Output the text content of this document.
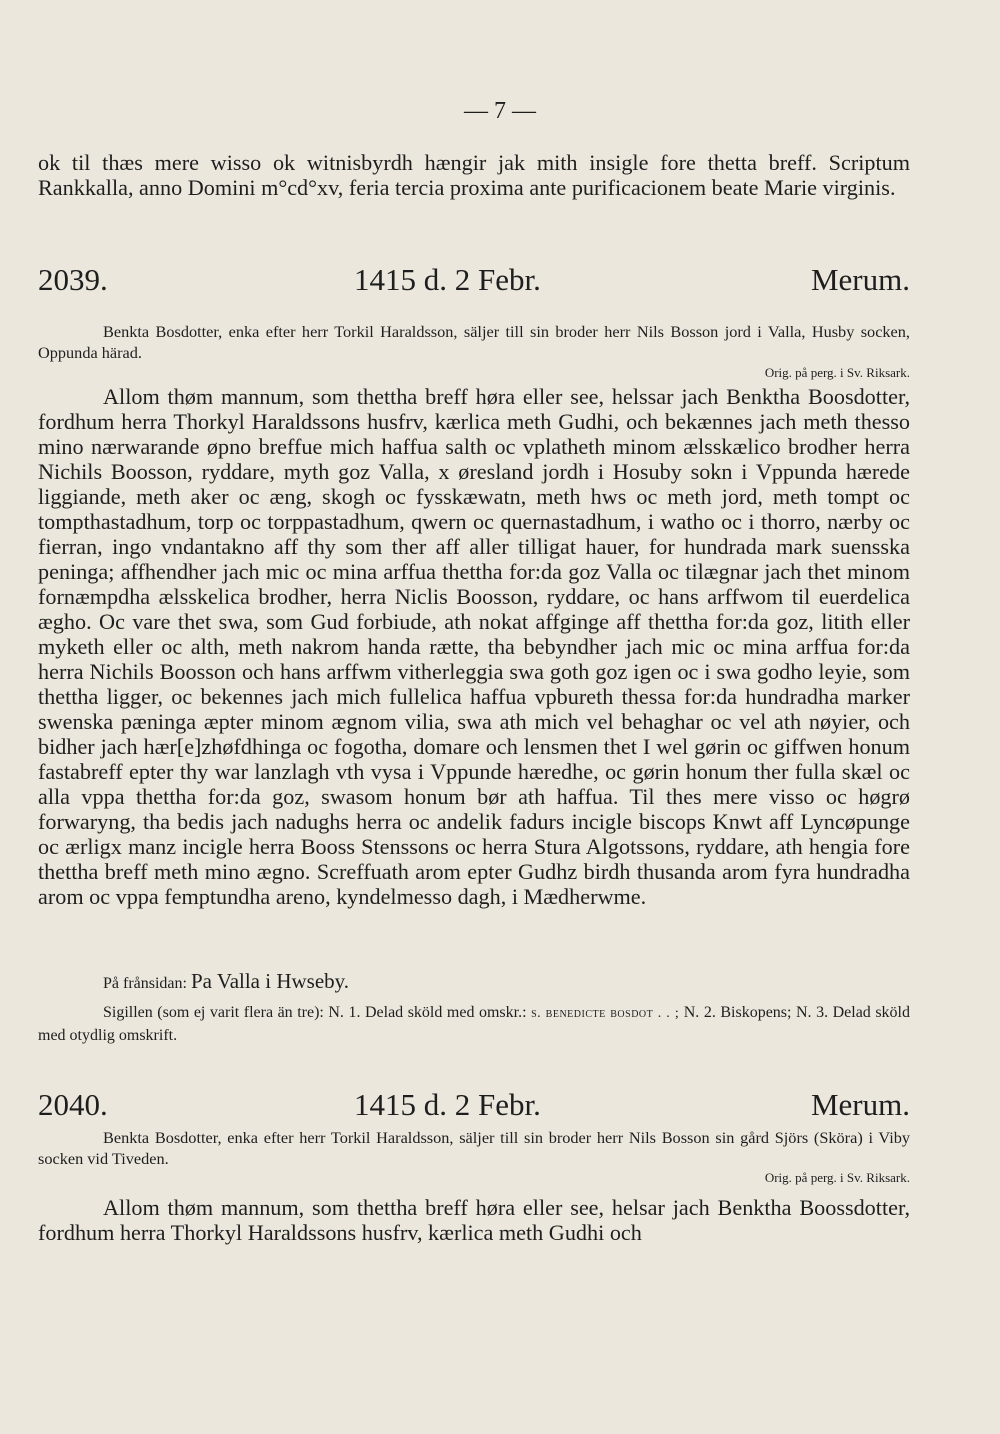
— 7 —

ok til thæs mere wisso ok witnisbyrdh hængir jak mith insigle fore thetta breff. Scriptum Rankkalla, anno Domini m°cd°xv, feria tercia proxima ante purificacionem beate Marie virginis.

2039.	1415 d. 2 Febr.	Merum.

Benkta Bosdotter, enka efter herr Torkil Haraldsson, säljer till sin broder herr Nils Bosson jord i Valla, Husby socken, Oppunda härad.

Orig. på perg. i Sv. Riksark.

Allom thøm mannum, som thettha breff høra eller see, helssar jach Benktha Boosdotter, fordhum herra Thorkyl Haraldssons husfrv, kærlica meth Gudhi, och bekænnes jach meth thesso mino nærwarande øpno breffue mich haffua salth oc vplatheth minom ælsskælico brodher herra Nichils Boosson, ryddare, myth goz Valla, x øresland jordh i Hosuby sokn i Vppunda hærede liggiande, meth aker oc æng, skogh oc fysskæwatn, meth hws oc meth jord, meth tompt oc tompthastadhum, torp oc torppastadhum, qwern oc quernastadhum, i watho oc i thorro, nærby oc fierran, ingo vndantakno aff thy som ther aff aller tilligat hauer, for hundrada mark suensska peninga; affhendher jach mic oc mina arffua thettha for:da goz Valla oc tilægnar jach thet minom fornæmpdha ælsskelica brodher, herra Niclis Boosson, ryddare, oc hans arffwom til euerdelica ægho. Oc vare thet swa, som Gud forbiude, ath nokat affginge aff thettha for:da goz, litith eller myketh eller oc alth, meth nakrom handa rætte, tha bebyndher jach mic oc mina arffua for:da herra Nichils Boosson och hans arffwm vitherleggia swa goth goz igen oc i swa godho leyie, som thettha ligger, oc bekennes jach mich fullelica haffua vpbureth thessa for:da hundradha marker swenska pæninga æpter minom ægnom vilia, swa ath mich vel behaghar oc vel ath nøyier, och bidher jach hær[e]zhøfdhinga oc fogotha, domare och lensmen thet I wel gørin oc giffwen honum fastabreff epter thy war lanzlagh vth vysa i Vppunde hæredhe, oc gørin honum ther fulla skæl oc alla vppa thettha for:da goz, swasom honum bør ath haffua. Til thes mere visso oc høgrø forwaryng, tha bedis jach nadughs herra oc andelik fadurs incigle biscops Knwt aff Lyncøpunge oc ærligx manz incigle herra Booss Stenssons oc herra Stura Algotssons, ryddare, ath hengia fore thettha breff meth mino ægno. Screffuath arom epter Gudhz birdh thusanda arom fyra hundradha arom oc vppa femptundha areno, kyndelmesso dagh, i Mædherwme.

På frånsidan: Pa Valla i Hwseby.

Sigillen (som ej varit flera än tre): N. 1. Delad sköld med omskr.: s. benedicte bosdot . . ; N. 2. Biskopens; N. 3. Delad sköld med otydlig omskrift.

2040.	1415 d. 2 Febr.	Merum.

Benkta Bosdotter, enka efter herr Torkil Haraldsson, säljer till sin broder herr Nils Bosson sin gård Sjörs (Sköra) i Viby socken vid Tiveden.

Orig. på perg. i Sv. Riksark.

Allom thøm mannum, som thettha breff høra eller see, helsar jach Benktha Boossdotter, fordhum herra Thorkyl Haraldssons husfrv, kærlica meth Gudhi och
